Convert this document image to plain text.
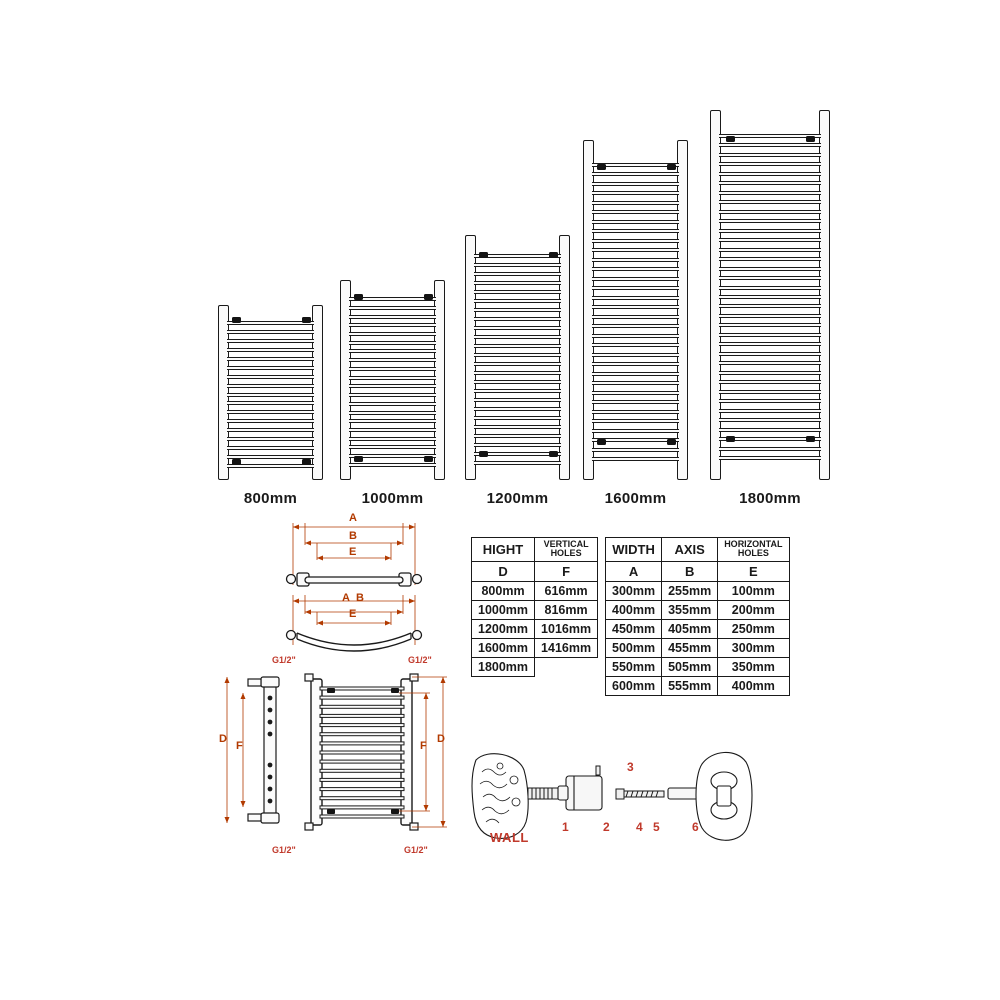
800mm	1000mm	1200mm	1600mm	1800mm
A
B
E
A B
E
HIGHT	VERTICAL
HOLES
D	F
800mm	616mm
1000mm	816mm
1200mm	1016mm
1600mm	1416mm
1800mm	
WIDTH	AXIS	HORIZONTAL
HOLES
A	B	E
300mm	255mm	100mm
400mm	355mm	200mm
450mm	405mm	250mm
500mm	455mm	300mm
550mm	505mm	350mm
600mm	555mm	400mm
D
F	F
D
G1/2"	G1/2"
G1/2"	G1/2"
WALL
1	2
3
4 5	6
